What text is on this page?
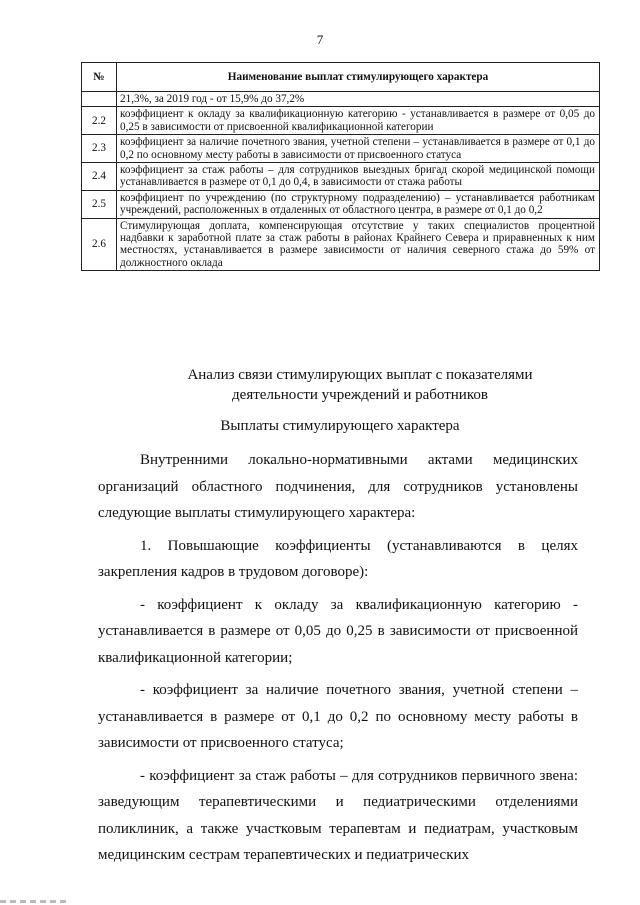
7
№	Наименование выплат стимулирующего характера
	21,3%, за 2019 год - от 15,9% до 37,2%
2.2	коэффициент к окладу за квалификационную категорию - устанавливается в размере от 0,05 до 0,25 в зависимости от присвоенной квалификационной категории
2.3	коэффициент за наличие почетного звания, учетной степени – устанавливается в размере от 0,1 до 0,2 по основному месту работы в зависимости от присвоенного статуса
2.4	коэффициент за стаж работы – для сотрудников выездных бригад скорой медицинской помощи устанавливается в размере от 0,1 до 0,4, в зависимости от стажа работы
2.5	коэффициент по учреждению (по структурному подразделению) – устанавливается работникам учреждений, расположенных в отдаленных от областного центра, в размере от 0,1 до 0,2
2.6	Стимулирующая доплата, компенсирующая отсутствие у таких специалистов процентной надбавки к заработной плате за стаж работы в районах Крайнего Севера и приравненных к ним местностях, устанавливается в размере зависимости от наличия северного стажа до 59% от должностного оклада
Анализ связи стимулирующих выплат с показателями
деятельности учреждений и работников
Выплаты стимулирующего характера

Внутренними локально-нормативными актами медицинских организаций областного подчинения, для сотрудников установлены следующие выплаты стимулирующего характера:

1. Повышающие коэффициенты (устанавливаются в целях закрепления кадров в трудовом договоре):

- коэффициент к окладу за квалификационную категорию - устанавливается в размере от 0,05 до 0,25 в зависимости от присвоенной квалификационной категории;

- коэффициент за наличие почетного звания, учетной степени – устанавливается в размере от 0,1 до 0,2 по основному месту работы в зависимости от присвоенного статуса;

- коэффициент за стаж работы – для сотрудников первичного звена: заведующим терапевтическими и педиатрическими отделениями поликлиник, а также участковым терапевтам и педиатрам, участковым медицинским сестрам терапевтических и педиатрических
